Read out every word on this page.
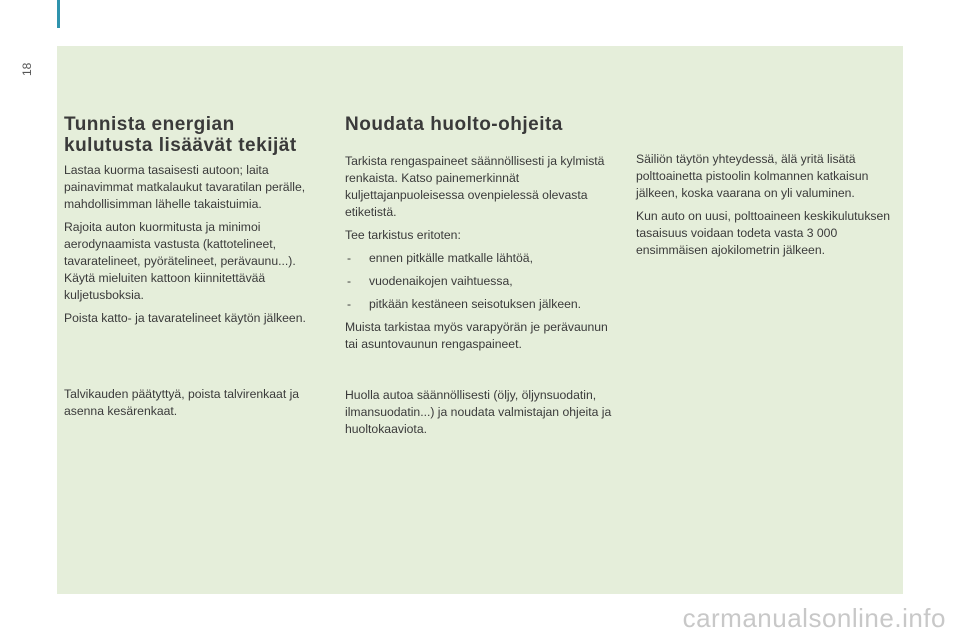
18
Tunnista energian kulutusta lisäävät tekijät

Lastaa kuorma tasaisesti autoon; laita painavimmat matkalaukut tavaratilan perälle, mahdollisimman lähelle takaistuimia.

Rajoita auton kuormitusta ja minimoi aerodynaamista vastusta (kattotelineet, tavaratelineet, pyörätelineet, perävaunu...). Käytä mieluiten kattoon kiinnitettävää kuljetusboksia.

Poista katto- ja tavaratelineet käytön jälkeen.

Talvikauden päätyttyä, poista talvirenkaat ja asenna kesärenkaat.

Noudata huolto-ohjeita

Tarkista rengaspaineet säännöllisesti ja kylmistä renkaista. Katso painemerkinnät kuljettajanpuoleisessa ovenpielessä olevasta etiketistä.

Tee tarkistus eritoten:

- ennen pitkälle matkalle lähtöä,
- vuodenaikojen vaihtuessa,
- pitkään kestäneen seisotuksen jälkeen.

Muista tarkistaa myös varapyörän je perävaunun tai asuntovaunun rengaspaineet.

Huolla autoa säännöllisesti (öljy, öljynsuodatin, ilmansuodatin...) ja noudata valmistajan ohjeita ja huoltokaaviota.

Säiliön täytön yhteydessä, älä yritä lisätä polttoainetta pistoolin kolmannen katkaisun jälkeen, koska vaarana on yli valuminen.

Kun auto on uusi, polttoaineen keskikulutuksen tasaisuus voidaan todeta vasta 3 000 ensimmäisen ajokilometrin jälkeen.

carmanualsonline.info
